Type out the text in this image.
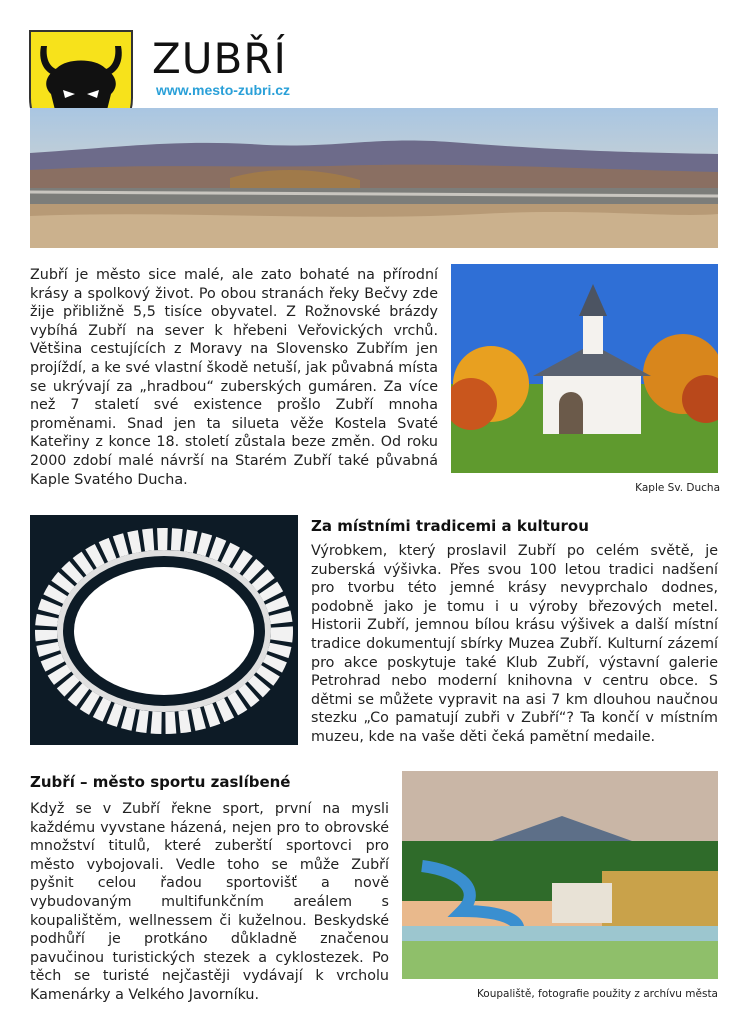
ZUBŘÍ
www.mesto-zubri.cz
Zubří je město sice malé, ale zato bohaté na přírodní krásy a spolkový život. Po obou stranách řeky Bečvy zde žije přibližně 5,5 tisíce obyvatel. Z Rožnovské brázdy vybíhá Zubří na sever k hřebeni Veřovických vrchů. Většina cestujících z Moravy na Slovensko Zubřím jen projíždí, a ke své vlastní škodě netuší, jak půvabná místa se ukrývají za „hradbou“ zuberských gumáren. Za více než 7 staletí své existence prošlo Zubří mnoha proměnami. Snad jen ta silueta věže Kostela Svaté Kateřiny z konce 18. století zůstala beze změn. Od roku 2000 zdobí malé návrší na Starém Zubří také půvabná Kaple Svatého Ducha.
Kaple Sv. Ducha
Za místními tradicemi a kulturou
Výrobkem, který proslavil Zubří po celém světě, je zuberská výšivka. Přes svou 100 letou tradici nadšení pro tvorbu této jemné krásy nevyprchalo dodnes, podobně jako je tomu i u výroby březových metel. Historii Zubří, jemnou bílou krásu výšivek a další místní tradice dokumentují sbírky Muzea Zubří. Kulturní zázemí pro akce poskytuje také Klub Zubří, výstavní galerie Petrohrad nebo moderní knihovna v centru obce. S dětmi se můžete vypravit na asi 7 km dlouhou naučnou stezku „Co pamatují zubři v Zubří“? Ta končí v místním muzeu, kde na vaše děti čeká pamětní medaile.
Zubří – město sportu zaslíbené
Když se v Zubří řekne sport, první na mysli každému vyvstane házená, nejen pro to obrovské množství titulů, které zuberští sportovci pro město vybojovali. Vedle toho se může Zubří pyšnit celou řadou sportovišť a nově vybudovaným multifunkčním areálem s koupalištěm, wellnessem či kuželnou. Beskydské podhůří je protkáno důkladně značenou pavučinou turistických stezek a cyklostezek. Po těch se turisté nejčastěji vydávají k vrcholu Kamenárky a Velkého Javorníku.	Koupaliště, fotografie použity z archívu města
